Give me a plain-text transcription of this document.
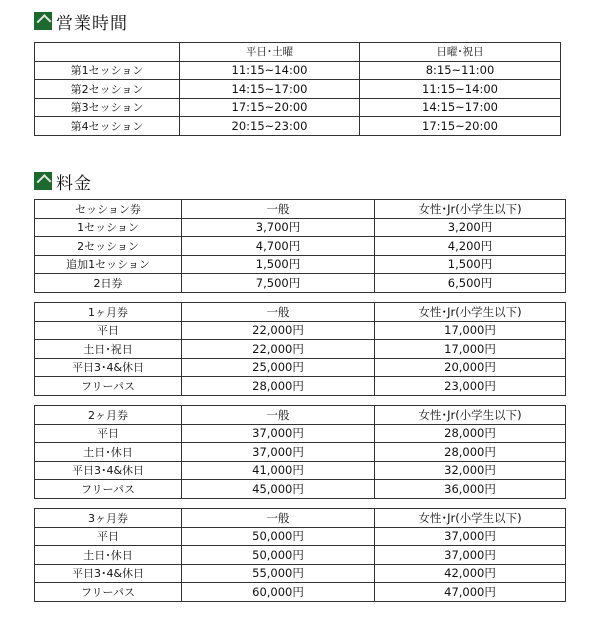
営業時間
	平日･土曜	日曜･祝日
第1セッション	11:15~14:00	8:15~11:00
第2セッション	14:15~17:00	11:15~14:00
第3セッション	17:15~20:00	14:15~17:00
第4セッション	20:15~23:00	17:15~20:00
料金
セッション券	一般	女性･Jr(小学生以下)
1セッション	3,700円	3,200円
2セッション	4,700円	4,200円
追加1セッション	1,500円	1,500円
2日券	7,500円	6,500円
1ヶ月券	一般	女性･Jr(小学生以下)
平日	22,000円	17,000円
土日･祝日	22,000円	17,000円
平日3･4&休日	25,000円	20,000円
フリーパス	28,000円	23,000円
2ヶ月券	一般	女性･Jr(小学生以下)
平日	37,000円	28,000円
土日･休日	37,000円	28,000円
平日3･4&休日	41,000円	32,000円
フリーパス	45,000円	36,000円
3ヶ月券	一般	女性･Jr(小学生以下)
平日	50,000円	37,000円
土日･休日	50,000円	37,000円
平日3･4&休日	55,000円	42,000円
フリーパス	60,000円	47,000円
